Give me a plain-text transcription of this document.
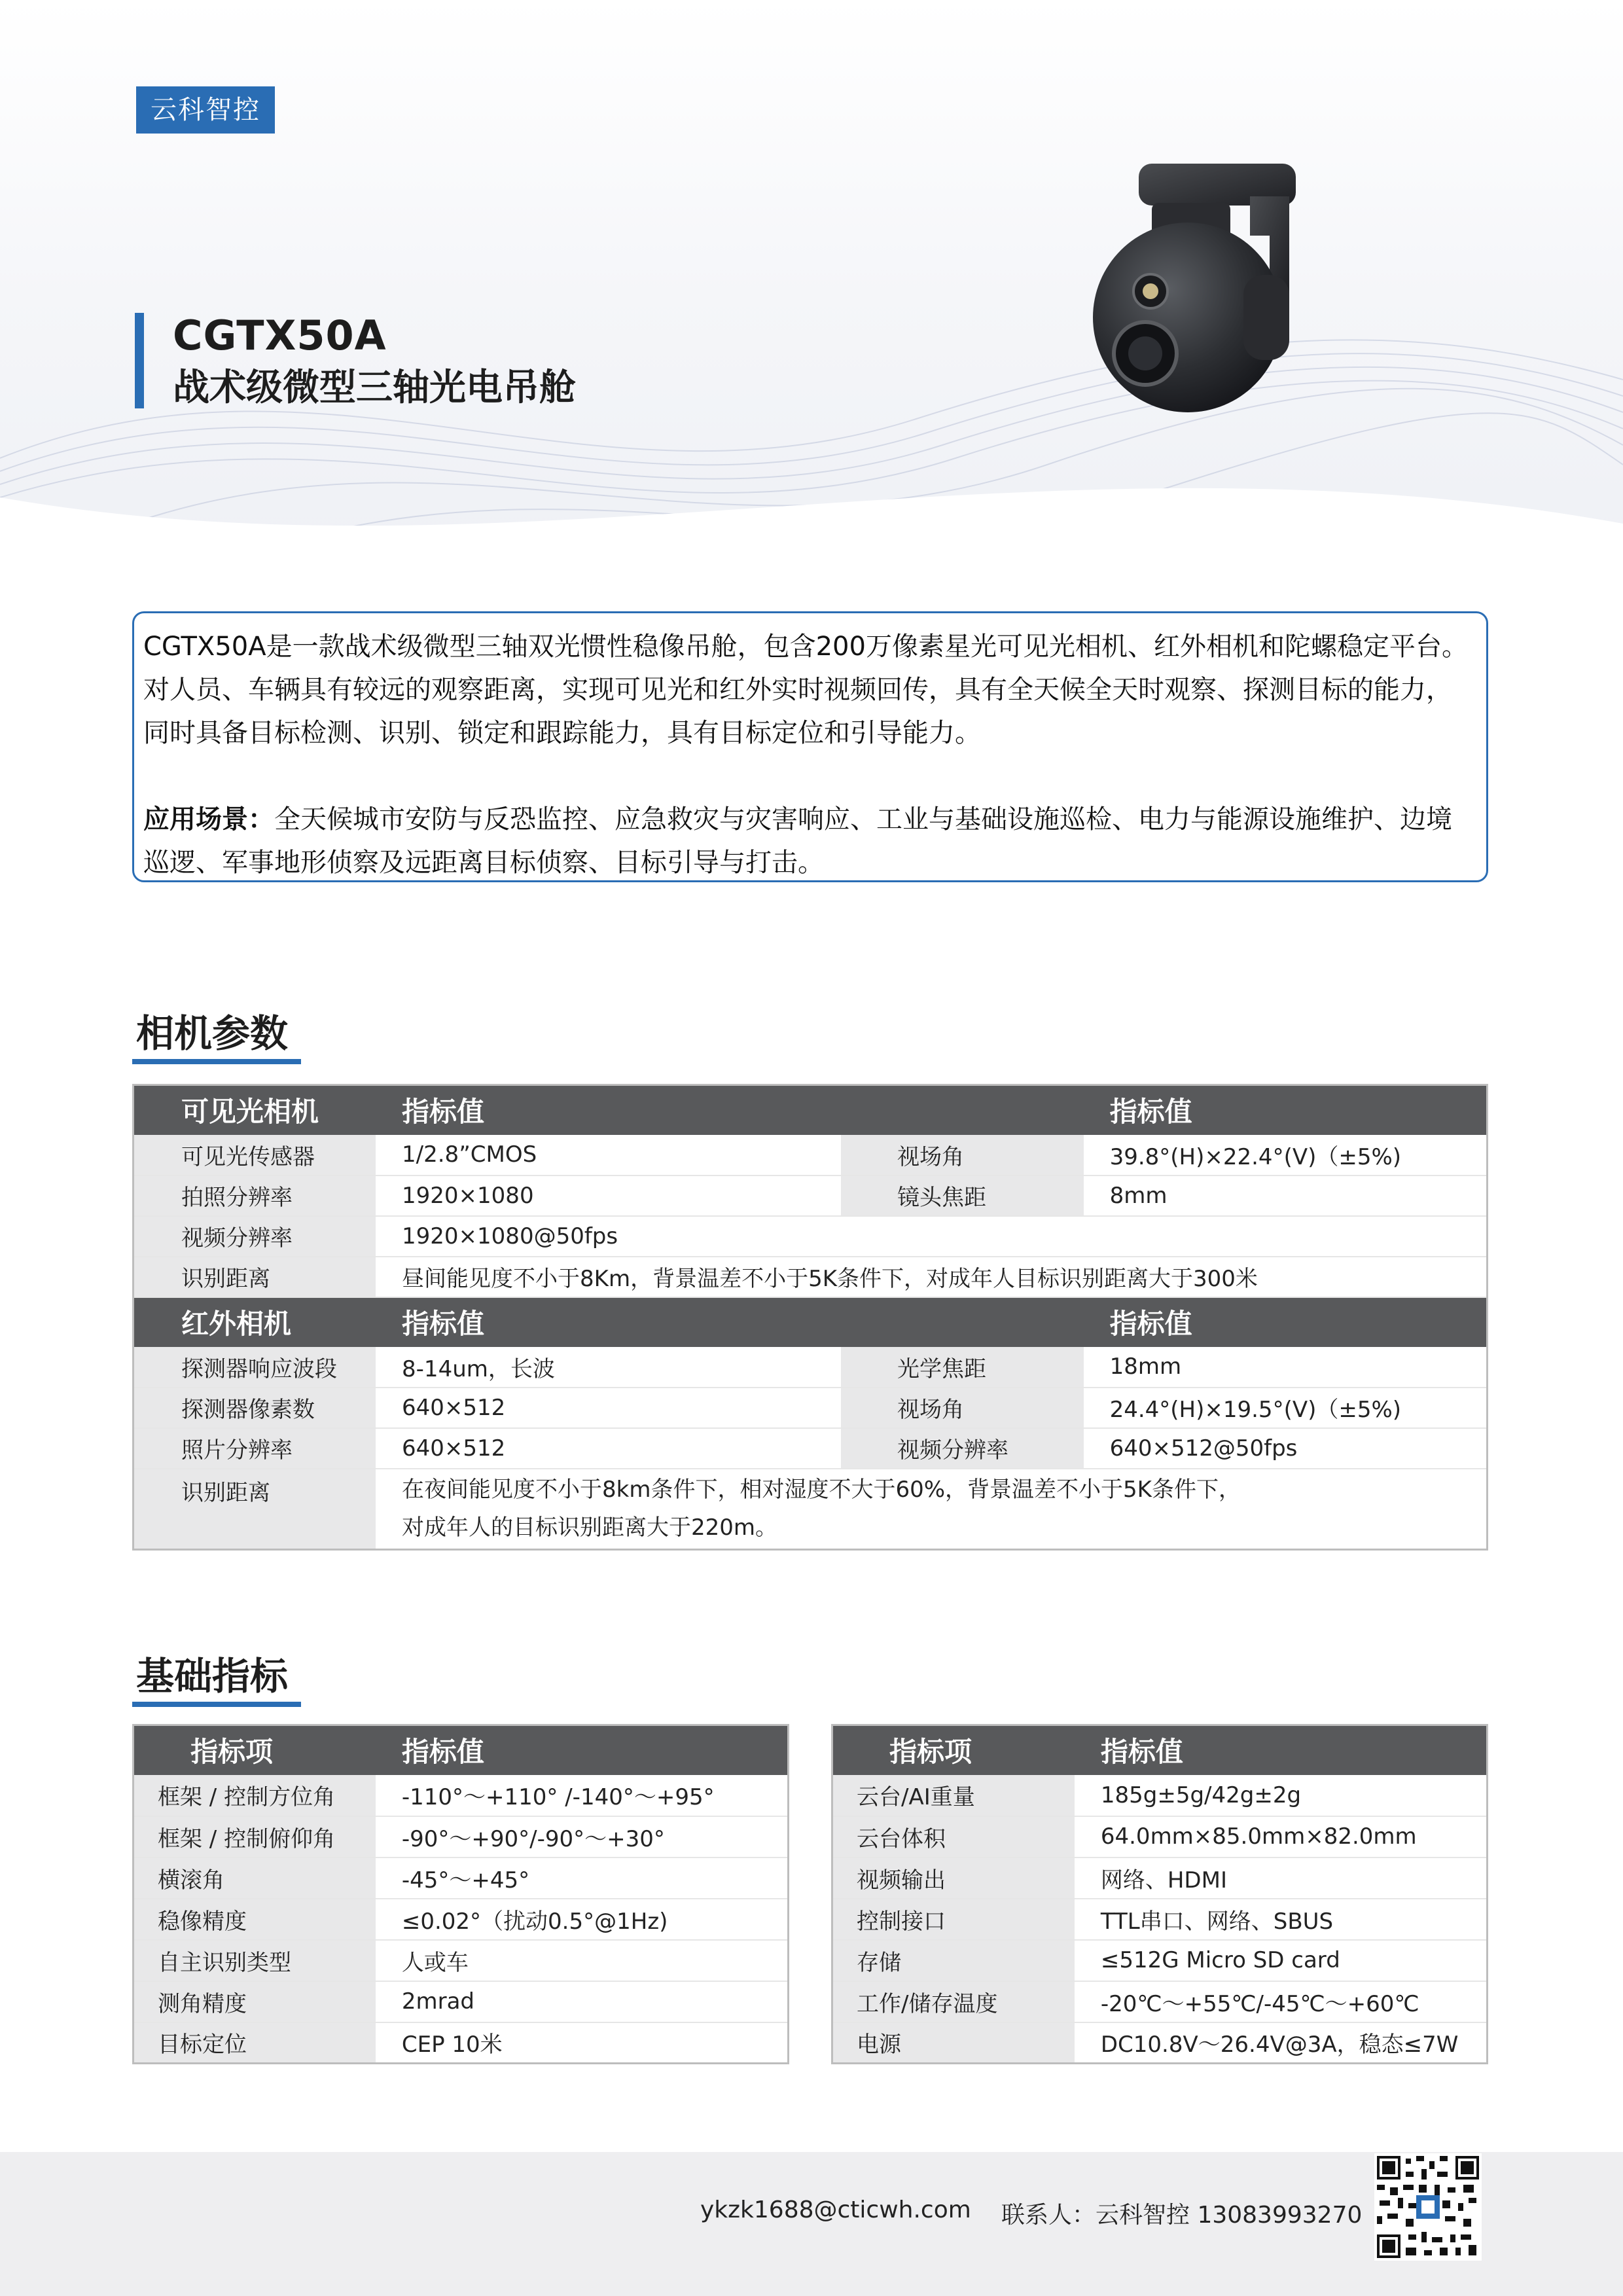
云科智控
CGTX50A
战术级微型三轴光电吊舱

CGTX50A是一款战术级微型三轴双光惯性稳像吊舱，包含200万像素星光可见光相机、红外相机和陀螺稳定平台。

对人员、车辆具有较远的观察距离，实现可见光和红外实时视频回传，具有全天候全天时观察、探测目标的能力，

同时具备目标检测、识别、锁定和跟踪能力，具有目标定位和引导能力。

应用场景：全天候城市安防与反恐监控、应急救灾与灾害响应、工业与基础设施巡检、电力与能源设施维护、边境

巡逻、军事地形侦察及远距离目标侦察、目标引导与打击。

相机参数
可见光相机	指标值		指标值
可见光传感器	1/2.8”CMOS	视场角	39.8°(H)×22.4°(V)（±5%)
拍照分辨率	1920×1080	镜头焦距	8mm
视频分辨率	1920×1080@50fps		
识别距离	昼间能见度不小于8Km，背景温差不小于5K条件下，对成年人目标识别距离大于300米		
红外相机	指标值		指标值
探测器响应波段	8-14um，长波	光学焦距	18mm
探测器像素数	640×512	视场角	24.4°(H)×19.5°(V)（±5%)
照片分辨率	640×512	视频分辨率	640×512@50fps
识别距离	在夜间能见度不小于8km条件下，相对湿度不大于60%，背景温差不小于5K条件下，
对成年人的目标识别距离大于220m。		
基础指标
指标项	指标值
框架 / 控制方位角	-110°～+110° /-140°～+95°
框架 / 控制俯仰角	-90°～+90°/-90°～+30°
横滚角	-45°～+45°
稳像精度	≤0.02°（扰动0.5°@1Hz)
自主识别类型	人或车
测角精度	2mrad
目标定位	CEP 10米
指标项	指标值
云台/AI重量	185g±5g/42g±2g
云台体积	64.0mm×85.0mm×82.0mm
视频输出	网络、HDMI
控制接口	TTL串口、网络、SBUS
存储	≤512G Micro SD card
工作/储存温度	-20℃～+55℃/-45℃～+60℃
电源	DC10.8V～26.4V@3A，稳态≤7W
ykzk1688@cticwh.com 联系人：云科智控 13083993270
